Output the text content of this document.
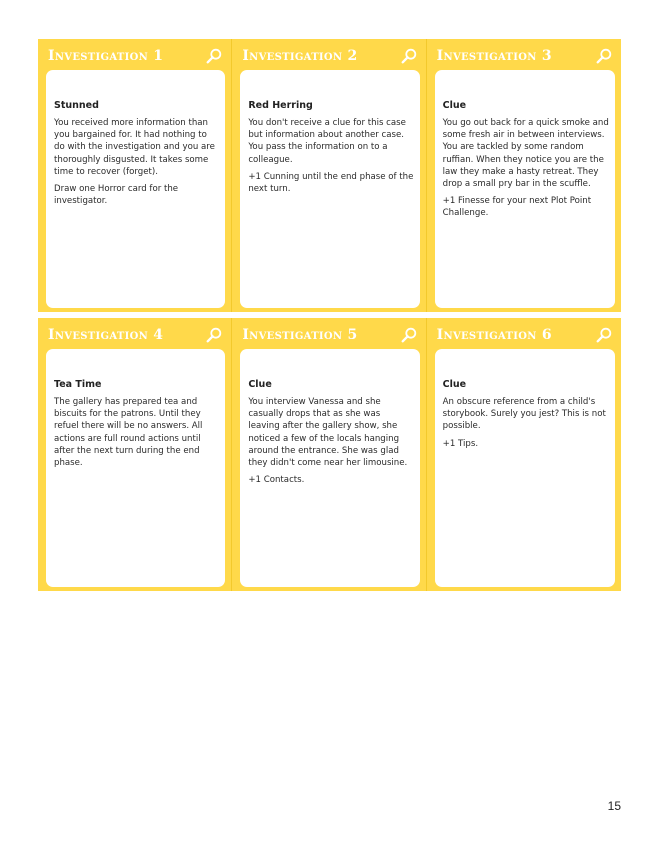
Investigation 1

Stunned

You received more information than you bargained for. It had nothing to do with the investigation and you are thoroughly disgusted. It takes some time to recover (forget).

Draw one Horror card for the investigator.

Investigation 2

Red Herring

You don't receive a clue for this case but information about another case. You pass the information on to a colleague.

+1 Cunning until the end phase of the next turn.

Investigation 3

Clue

You go out back for a quick smoke and some fresh air in between interviews. You are tackled by some random ruffian. When they notice you are the law they make a hasty retreat. They drop a small pry bar in the scuffle.

+1 Finesse for your next Plot Point Challenge.

Investigation 4

Tea Time

The gallery has prepared tea and biscuits for the patrons. Until they refuel there will be no answers. All actions are full round actions until after the next turn during the end phase.

Investigation 5

Clue

You interview Vanessa and she casually drops that as she was leaving after the gallery show, she noticed a few of the locals hanging around the entrance. She was glad they didn't come near her limousine.

+1 Contacts.

Investigation 6

Clue

An obscure reference from a child's storybook. Surely you jest? This is not possible.

+1 Tips.

15
